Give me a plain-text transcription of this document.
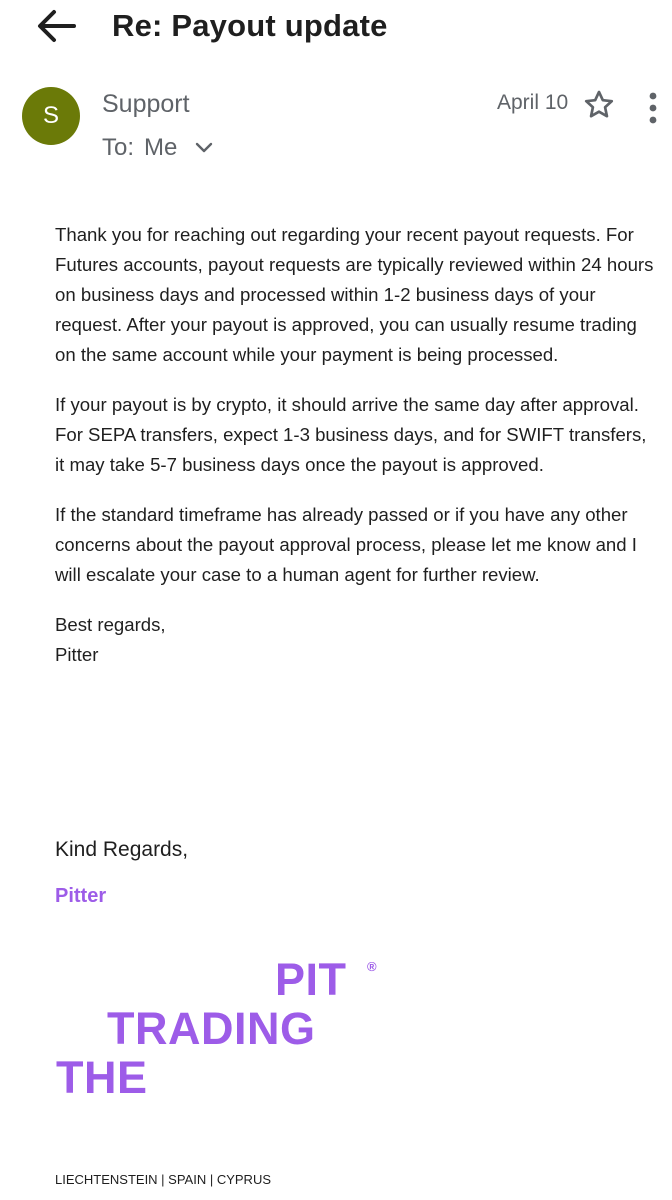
Re: Payout update
S	Support
To: Me
April 10

Thank you for reaching out regarding your recent payout requests. For Futures accounts, payout requests are typically reviewed within 24 hours on business days and processed within 1-2 business days of your request. After your payout is approved, you can usually resume trading on the same account while your payment is being processed.

If your payout is by crypto, it should arrive the same day after approval. For SEPA transfers, expect 1-3 business days, and for SWIFT transfers, it may take 5-7 business days once the payout is approved.

If the standard timeframe has already passed or if you have any other concerns about the payout approval process, please let me know and I will escalate your case to a human agent for further review.

Best regards,
Pitter
Kind Regards,
Pitter
PIT ®
TRADING
THE
LIECHTENSTEIN | SPAIN | CYPRUS
